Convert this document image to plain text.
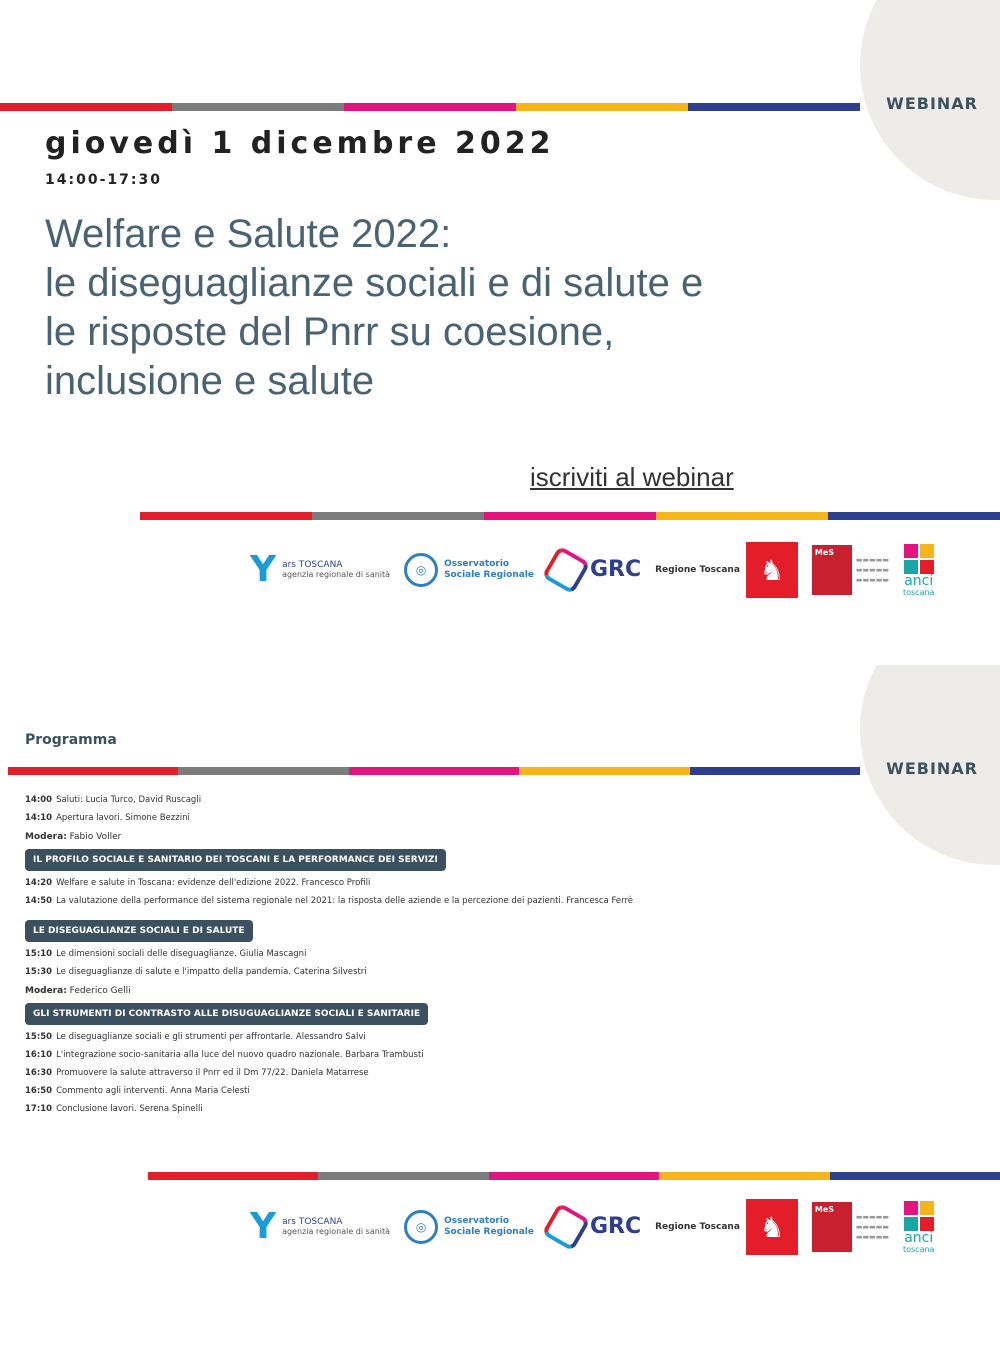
WEBINAR
giovedì 1 dicembre 2022
14:00-17:30
Welfare e Salute 2022:
le diseguaglianze sociali e di salute e
le risposte del Pnrr su coesione,
inclusione e salute
iscriviti al webinar
Y ars TOSCANA
agenzia regionale di sanità	◎	Osservatorio
Sociale Regionale	GRC Regione Toscana ♞
MeS
▬▬▬▬▬
▬▬▬▬▬
▬▬▬▬▬ anci
toscana
WEBINAR
Programma
14:00 Saluti: Lucia Turco, David Ruscagli
14:10 Apertura lavori. Simone Bezzini
Modera: Fabio Voller
IL PROFILO SOCIALE E SANITARIO DEI TOSCANI E LA PERFORMANCE DEI SERVIZI
14:20 Welfare e salute in Toscana: evidenze dell'edizione 2022. Francesco Profili
14:50 La valutazione della performance del sistema regionale nel 2021: la risposta delle aziende e la percezione dei pazienti. Francesca Ferrè
LE DISEGUAGLIANZE SOCIALI E DI SALUTE
15:10 Le dimensioni sociali delle diseguaglianze. Giulia Mascagni
15:30 Le diseguaglianze di salute e l'impatto della pandemia. Caterina Silvestri
Modera: Federico Gelli
GLI STRUMENTI DI CONTRASTO ALLE DISUGUAGLIANZE SOCIALI E SANITARIE
15:50 Le diseguaglianze sociali e gli strumenti per affrontarle. Alessandro Salvi
16:10 L'integrazione socio-sanitaria alla luce del nuovo quadro nazionale. Barbara Trambusti
16:30 Promuovere la salute attraverso il Pnrr ed il Dm 77/22. Daniela Matarrese
16:50 Commento agli interventi. Anna Maria Celesti
17:10 Conclusione lavori. Serena Spinelli
Y ars TOSCANA
agenzia regionale di sanità	◎	Osservatorio
Sociale Regionale	GRC Regione Toscana ♞
MeS
▬▬▬▬▬
▬▬▬▬▬
▬▬▬▬▬ anci
toscana
